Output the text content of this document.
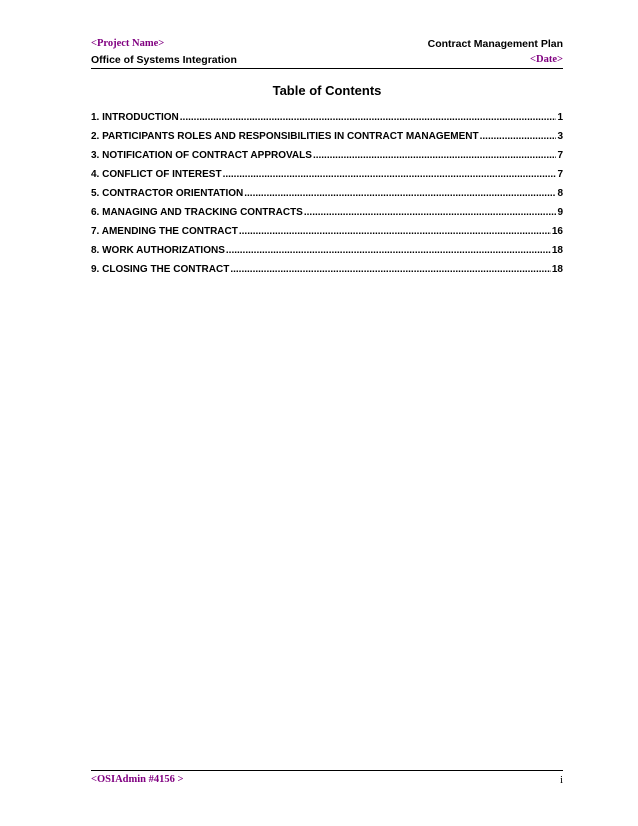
<Project Name>	Contract Management Plan
Office of Systems Integration	<Date>
Table of Contents
1. INTRODUCTION .....	1
2. PARTICIPANTS ROLES AND RESPONSIBILITIES IN CONTRACT MANAGEMENT .....	3
3. NOTIFICATION OF CONTRACT APPROVALS .....	7
4. CONFLICT OF INTEREST .....	7
5. CONTRACTOR ORIENTATION .....	8
6. MANAGING AND TRACKING CONTRACTS .....	9
7. AMENDING THE CONTRACT .....	16
8. WORK AUTHORIZATIONS .....	18
9. CLOSING THE CONTRACT .....	18
<OSIAdmin #4156 >	i
